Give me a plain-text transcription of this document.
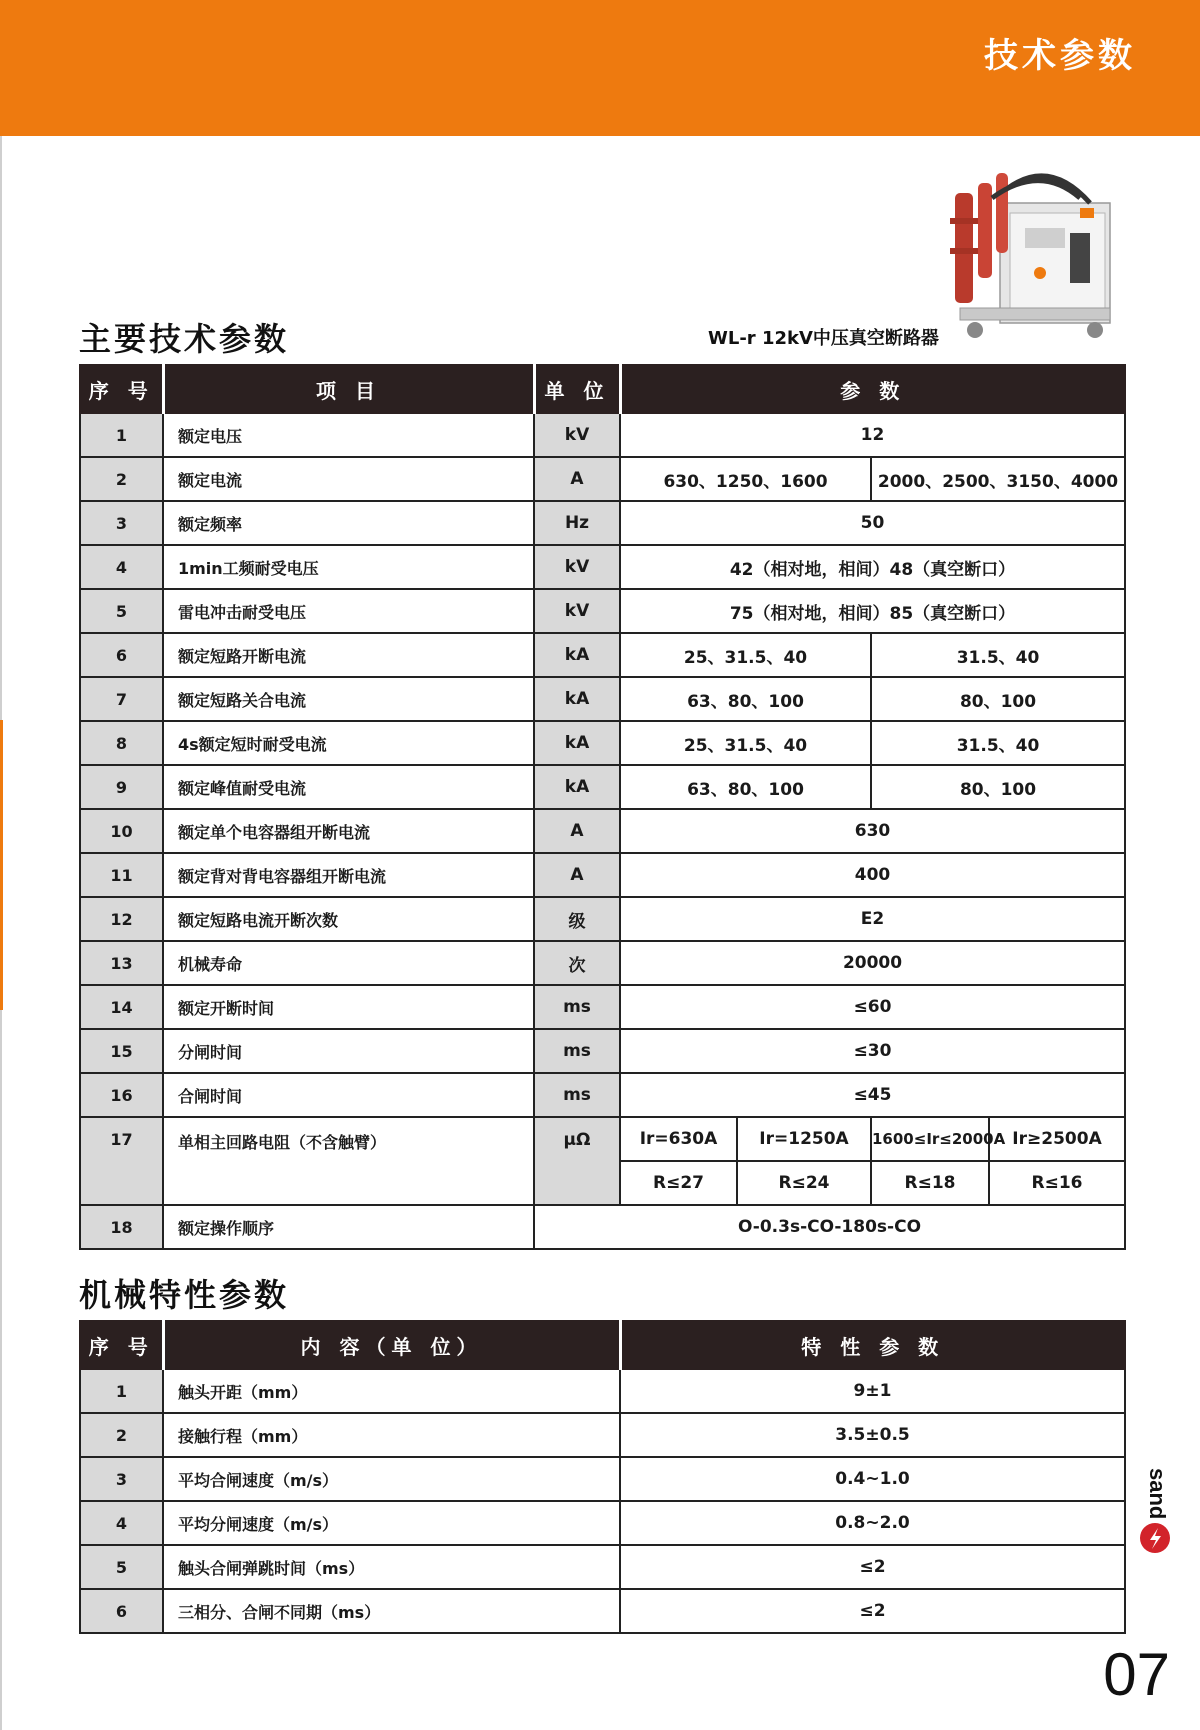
技术参数
主要技术参数	WL-r 12kV中压真空断路器
序 号	项 目	单 位	参 数			
1	额定电压	kV	12			
2	额定电流	A	630、1250、1600		2000、2500、3150、4000	
3	额定频率	Hz	50			
4	1min工频耐受电压	kV	42（相对地，相间）48（真空断口）			
5	雷电冲击耐受电压	kV	75（相对地，相间）85（真空断口）			
6	额定短路开断电流	kA	25、31.5、40		31.5、40	
7	额定短路关合电流	kA	63、80、100		80、100	
8	4s额定短时耐受电流	kA	25、31.5、40		31.5、40	
9	额定峰值耐受电流	kA	63、80、100		80、100	
10	额定单个电容器组开断电流	A	630			
11	额定背对背电容器组开断电流	A	400			
12	额定短路电流开断次数	级	E2			
13	机械寿命	次	20000			
14	额定开断时间	ms	≤60			
15	分闸时间	ms	≤30			
16	合闸时间	ms	≤45			
17	单相主回路电阻（不含触臂）	μΩ	Ir=630A	Ir=1250A	1600≤Ir≤2000A	Ir≥2500A
			R≤27	R≤24	R≤18	R≤16
18	额定操作顺序	O-0.3s-CO-180s-CO				
机械特性参数
序 号	内 容（单 位）	特 性 参 数
1	触头开距（mm）	9±1
2	接触行程（mm）	3.5±0.5
3	平均合闸速度（m/s）	0.4~1.0
4	平均分闸速度（m/s）	0.8~2.0
5	触头合闸弹跳时间（ms）	≤2
6	三相分、合闸不同期（ms）	≤2
sand
07
